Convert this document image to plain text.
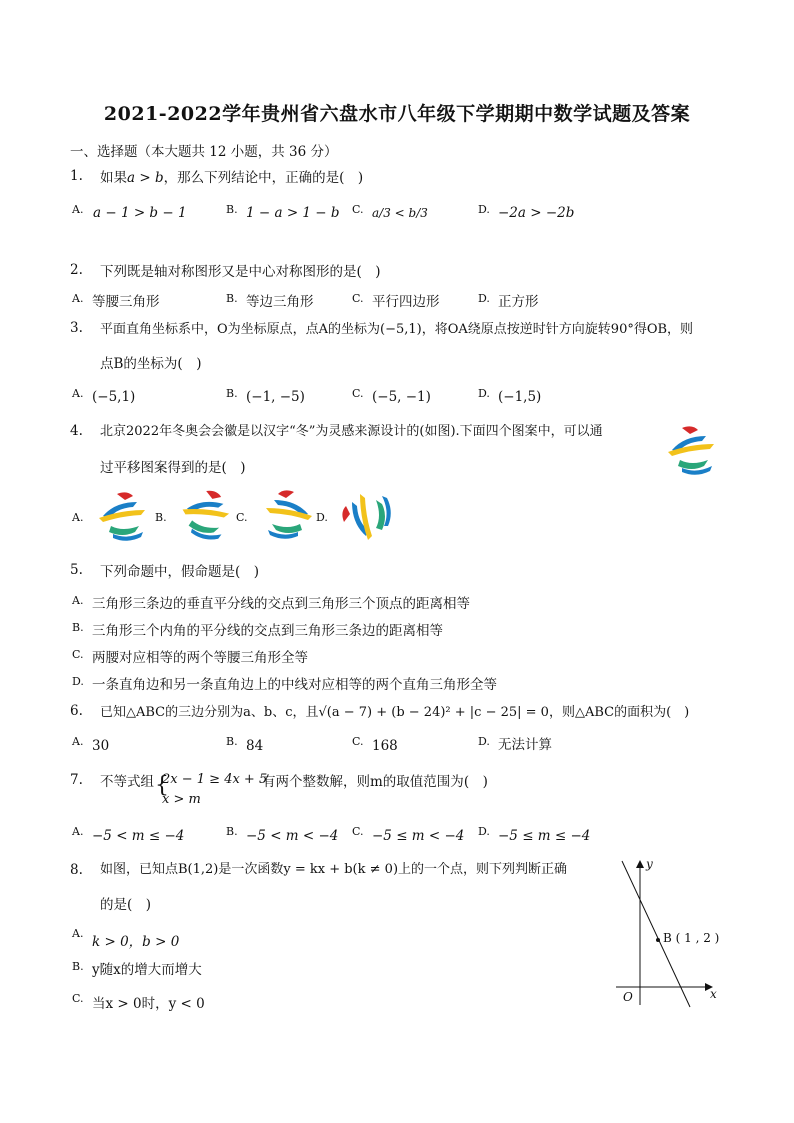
2021-2022学年贵州省六盘水市八年级下学期期中数学试题及答案
一、选择题（本大题共 12 小题，共 36 分）
1. 如果a > b，那么下列结论中，正确的是(　)
A. a − 1 > b − 1	B. 1 − a > 1 − b C. a/3 < b/3	D. −2a > −2b
2. 下列既是轴对称图形又是中心对称图形的是(　)
A. 等腰三角形	B. 等边三角形	C. 平行四边形	D. 正方形
3. 平面直角坐标系中，O为坐标原点，点A的坐标为(−5,1)，将OA绕原点按逆时针方向旋转90°得OB，则
点B的坐标为(　)
A. (−5,1)	B. (−1, −5)	C. (−5, −1)	D. (−1,5)
4. 北京2022年冬奥会会徽是以汉字“冬”为灵感来源设计的(如图).下面四个图案中，可以通
过平移图案得到的是(　)
A.	B.	C.	D.
5. 下列命题中，假命题是(　)
A. 三角形三条边的垂直平分线的交点到三角形三个顶点的距离相等
B. 三角形三个内角的平分线的交点到三角形三条边的距离相等
C. 两腰对应相等的两个等腰三角形全等
D. 一条直角边和另一条直角边上的中线对应相等的两个直角三角形全等
6. 已知△ABC的三边分别为a、b、c，且√(a − 7) + (b − 24)² + |c − 25| = 0，则△ABC的面积为(　)
A. 30	B. 84	C. 168	D. 无法计算
7. 不等式组 {
2x − 1 ≥ 4x + 5
x > m
有两个整数解，则m的取值范围为(　)
A. −5 < m ≤ −4	B. −5 < m < −4 C. −5 ≤ m < −4 D. −5 ≤ m ≤ −4
8. 如图，已知点B(1,2)是一次函数y = kx + b(k ≠ 0)上的一个点，则下列判断正确
的是(　)
A.
k > 0，b > 0
B. y随x的增大而增大
C. 当x > 0时，y < 0
y
x
O
B ( 1 , 2 )
